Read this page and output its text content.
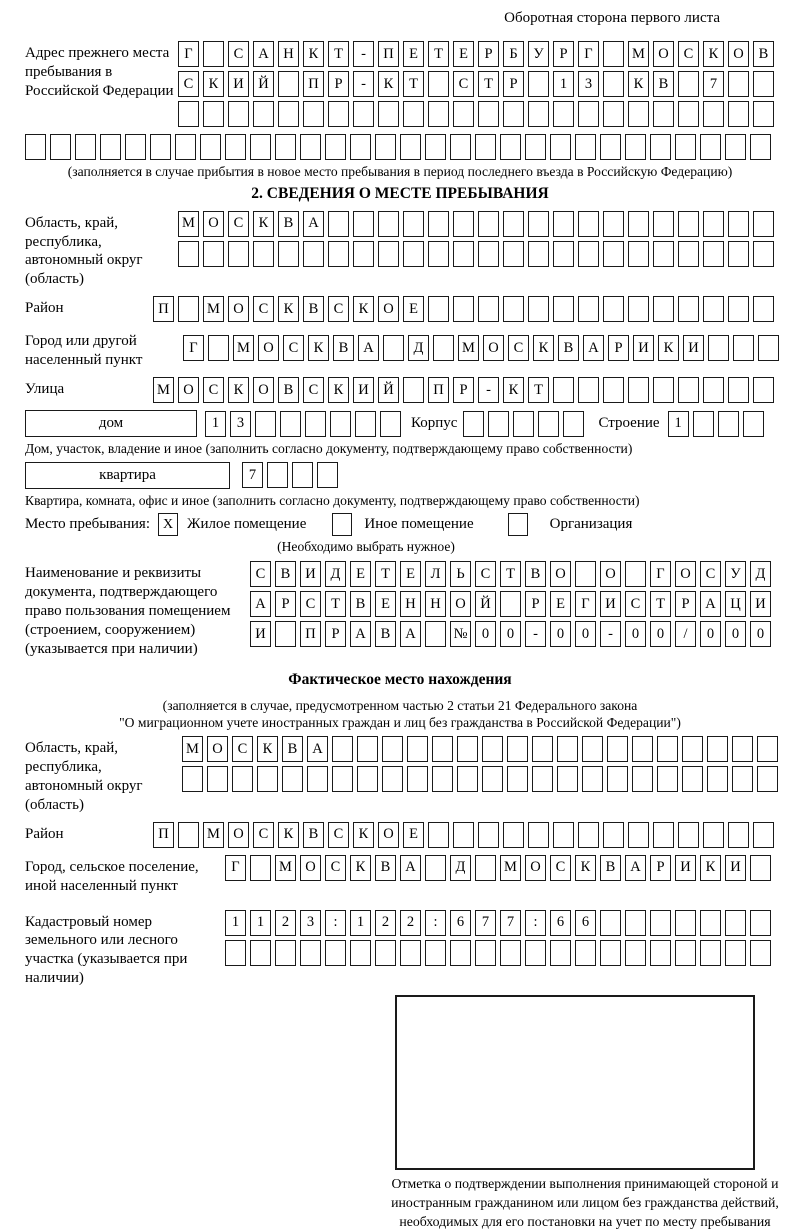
Оборотная сторона первого листа
Адрес прежнего места пребывания в Российской Федерации
Г	С	А	Н	К	Т	-	П	Е	Т	Е	Р	Б	У	Р	Г	М О	С	К	О	В
С	К	И	Й	П	Р	-	К	Т	С	Т	Р	1	3	К	В	7
(заполняется в случае прибытия в новое место пребывания в период последнего въезда в Российскую Федерацию)
2. СВЕДЕНИЯ О МЕСТЕ ПРЕБЫВАНИЯ
Область, край, республика, автономный округ (область)
М О	С	К	В	А
Район	П	М О	С	К	В	С	К	О	Е
Город или другой населенный пункт
Г	М О	С	К	В	А	Д	М О	С	К	В	А	Р	И	К	И
Улица	М О	С	К	О	В	С	К	И	Й	П	Р	-	К	Т
дом	1	3	Корпус	Строение	1
Дом, участок, владение и иное (заполнить согласно документу, подтверждающему право собственности)
квартира	7
Квартира, комната, офис и иное (заполнить согласно документу, подтверждающему право собственности)
Место пребывания: X Жилое помещение	Иное помещение	Организация
(Необходимо выбрать нужное)
Наименование и реквизиты документа, подтверждающего право пользования помещением (строением, сооружением) (указывается при наличии)
С	В	И	Д	Е	Т	Е	Л	Ь	С	Т	В	О	О	Г	О	С	У	Д
А	Р	С	Т	В	Е	Н	Н	О	Й	Р	Е	Г	И	С	Т	Р	А	Ц	И
И	П	Р	А	В	А	№ 0	0	-	0	0	-	0	0	/	0	0	0
Фактическое место нахождения
(заполняется в случае, предусмотренном частью 2 статьи 21 Федерального закона
"О миграционном учете иностранных граждан и лиц без гражданства в Российской Федерации")
Область, край, республика, автономный округ (область)
М О	С	К	В	А
Район	П	М О	С	К	В	С	К	О	Е
Город, сельское поселение, иной населенный пункт
Г	М О	С	К	В	А	Д	М О	С	К	В	А	Р	И	К	И
Кадастровый номер земельного или лесного участка (указывается при наличии)
1	1	2	3	:	1	2	2	:	6	7	7	:	6	6
Отметка о подтверждении выполнения принимающей стороной и иностранным гражданином или лицом без гражданства действий, необходимых для его постановки на учет по месту пребывания
